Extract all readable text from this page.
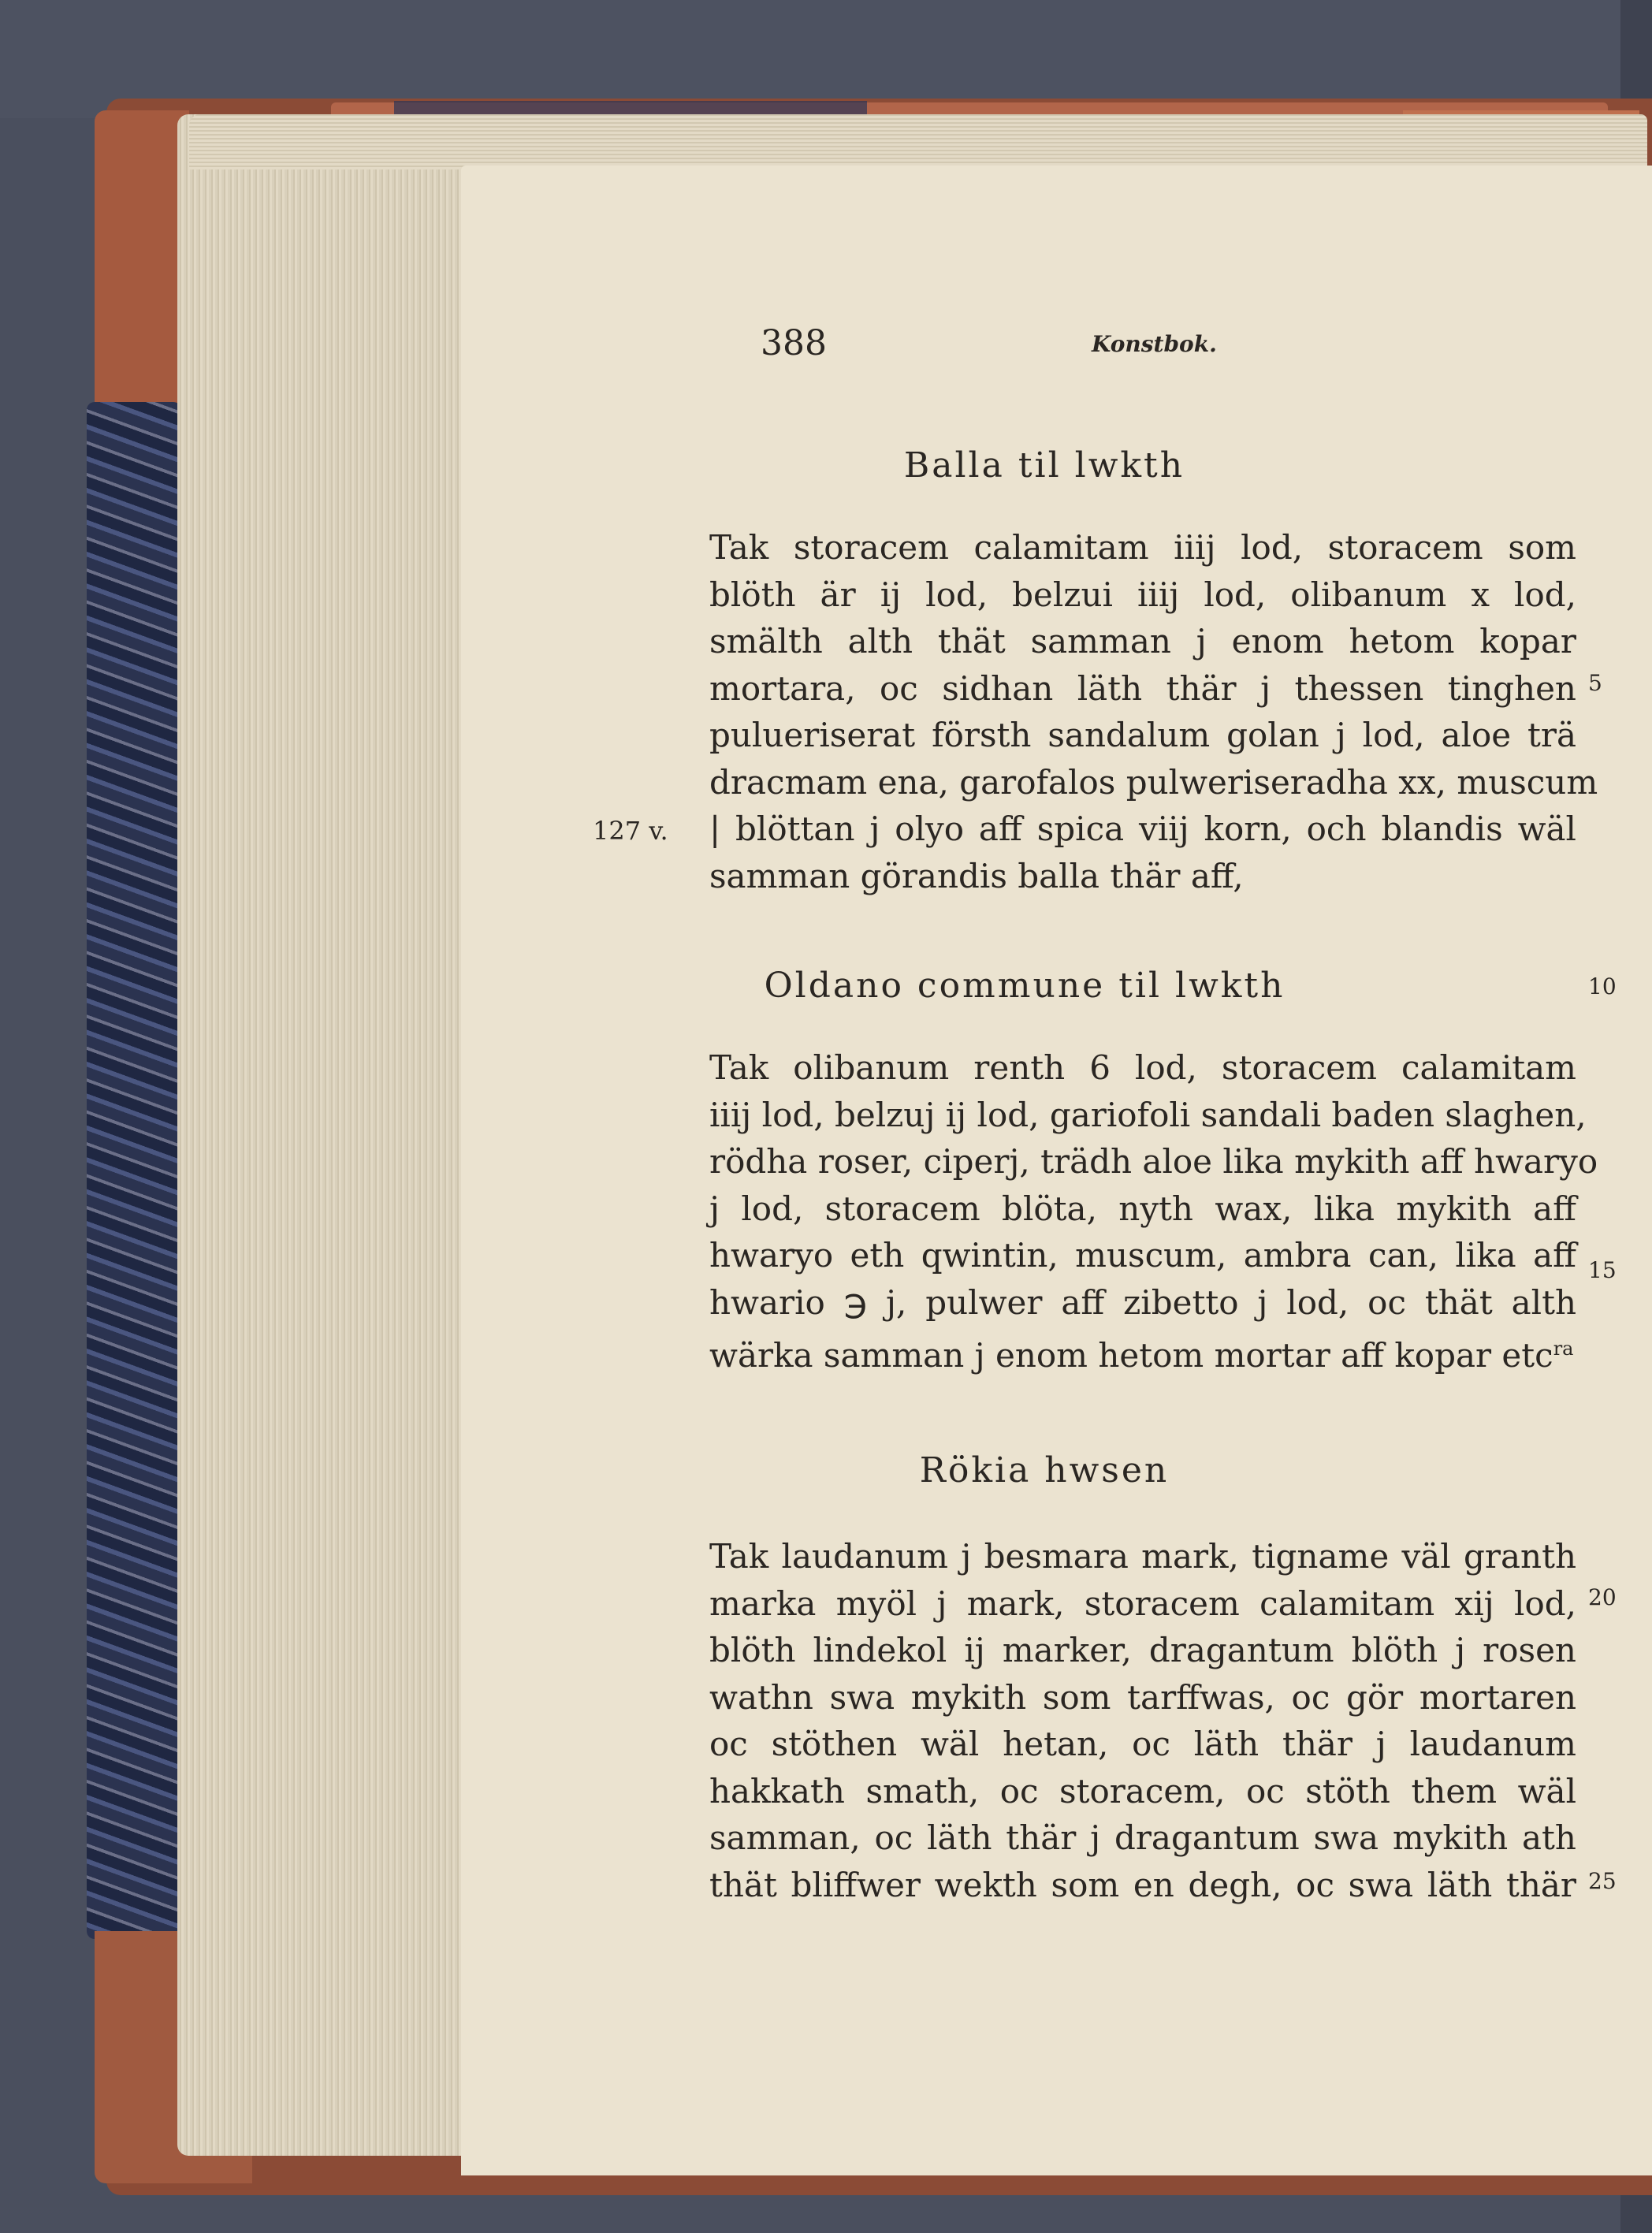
388	Konstbok.
Balla til lwkth
Tak storacem calamitam iiij lod, storacem som
blöth är ij lod, belzui iiij lod, olibanum x lod,
smälth alth thät samman j enom hetom kopar
mortara, oc sidhan läth thär j thessen tinghen
pulueriserat försth sandalum golan j lod, aloe trä
dracmam ena, garofalos pulweriseradha xx, muscum
| blöttan j olyo aff spica viij korn, och blandis wäl
samman görandis balla thär aff,
127 v.
5
Oldano commune til lwkth
Tak olibanum renth 6 lod, storacem calamitam
iiij lod, belzuj ij lod, gariofoli sandali baden slaghen,
rödha roser, ciperj, trädh aloe lika mykith aff hwaryo
j lod, storacem blöta, nyth wax, lika mykith aff
hwaryo eth qwintin, muscum, ambra can, lika aff
hwario ℈ j, pulwer aff zibetto j lod, oc thät alth
wärka samman j enom hetom mortar aff kopar etc$^{ra}$
10
15
Rökia hwsen
Tak laudanum j besmara mark, tigname väl granth
marka myöl j mark, storacem calamitam xij lod,
blöth lindekol ij marker, dragantum blöth j rosen
wathn swa mykith som tarffwas, oc gör mortaren
oc stöthen wäl hetan, oc läth thär j laudanum
hakkath smath, oc storacem, oc stöth them wäl
samman, oc läth thär j dragantum swa mykith ath
thät bliffwer wekth som en degh, oc swa läth thär
20
25
